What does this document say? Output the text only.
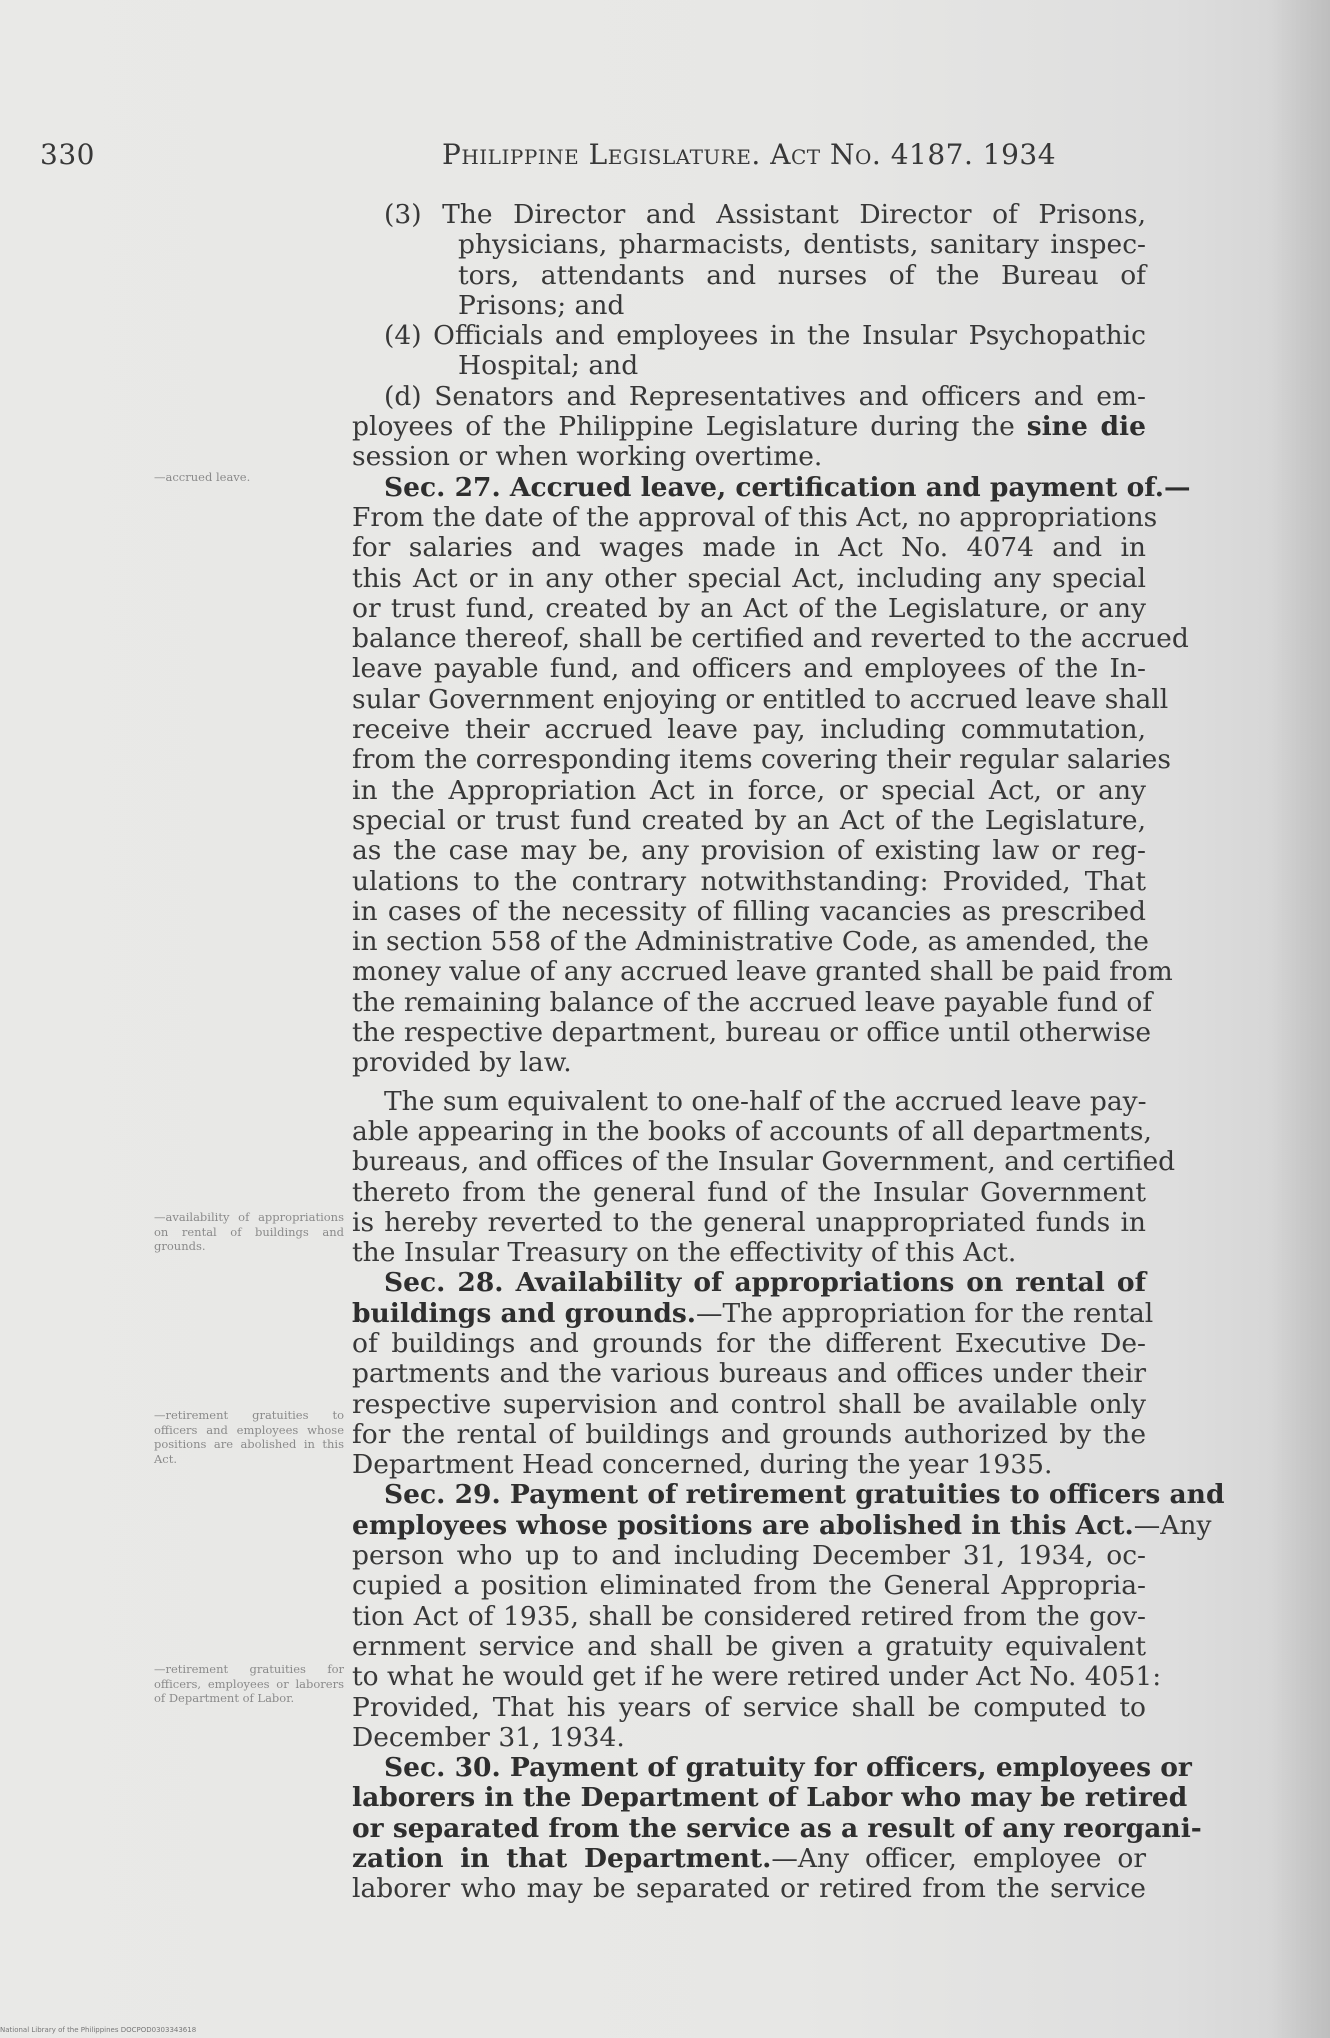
330	Philippine Legislature. Act No. 4187. 1934
—accrued leave.
—availability of appropriations on rental of buildings and grounds.
—retirement gratuities to officers and employees whose positions are abolished in this Act.
—retirement gratuities for officers, employees or laborers of Department of Labor.
(3) The Director and Assistant Director of Prisons,
physicians, pharmacists, dentists, sanitary inspec-
tors, attendants and nurses of the Bureau of
Prisons; and
(4) Officials and employees in the Insular Psychopathic
Hospital; and
(d) Senators and Representatives and officers and em-
ployees of the Philippine Legislature during the sine die
session or when working overtime.
Sec. 27. Accrued leave, certification and payment of.—
From the date of the approval of this Act, no appropriations
for salaries and wages made in Act No. 4074 and in
this Act or in any other special Act, including any special
or trust fund, created by an Act of the Legislature, or any
balance thereof, shall be certified and reverted to the accrued
leave payable fund, and officers and employees of the In-
sular Government enjoying or entitled to accrued leave shall
receive their accrued leave pay, including commutation,
from the corresponding items covering their regular salaries
in the Appropriation Act in force, or special Act, or any
special or trust fund created by an Act of the Legislature,
as the case may be, any provision of existing law or reg-
ulations to the contrary notwithstanding: Provided, That
in cases of the necessity of filling vacancies as prescribed
in section 558 of the Administrative Code, as amended, the
money value of any accrued leave granted shall be paid from
the remaining balance of the accrued leave payable fund of
the respective department, bureau or office until otherwise
provided by law.
The sum equivalent to one-half of the accrued leave pay-
able appearing in the books of accounts of all departments,
bureaus, and offices of the Insular Government, and certified
thereto from the general fund of the Insular Government
is hereby reverted to the general unappropriated funds in
the Insular Treasury on the effectivity of this Act.
Sec. 28. Availability of appropriations on rental of
buildings and grounds.—The appropriation for the rental
of buildings and grounds for the different Executive De-
partments and the various bureaus and offices under their
respective supervision and control shall be available only
for the rental of buildings and grounds authorized by the
Department Head concerned, during the year 1935.
Sec. 29. Payment of retirement gratuities to officers and
employees whose positions are abolished in this Act.—Any
person who up to and including December 31, 1934, oc-
cupied a position eliminated from the General Appropria-
tion Act of 1935, shall be considered retired from the gov-
ernment service and shall be given a gratuity equivalent
to what he would get if he were retired under Act No. 4051:
Provided, That his years of service shall be computed to
December 31, 1934.
Sec. 30. Payment of gratuity for officers, employees or
laborers in the Department of Labor who may be retired
or separated from the service as a result of any reorgani-
zation in that Department.—Any officer, employee or
laborer who may be separated or retired from the service
National Library of the Philippines DOCPOD0303343618
